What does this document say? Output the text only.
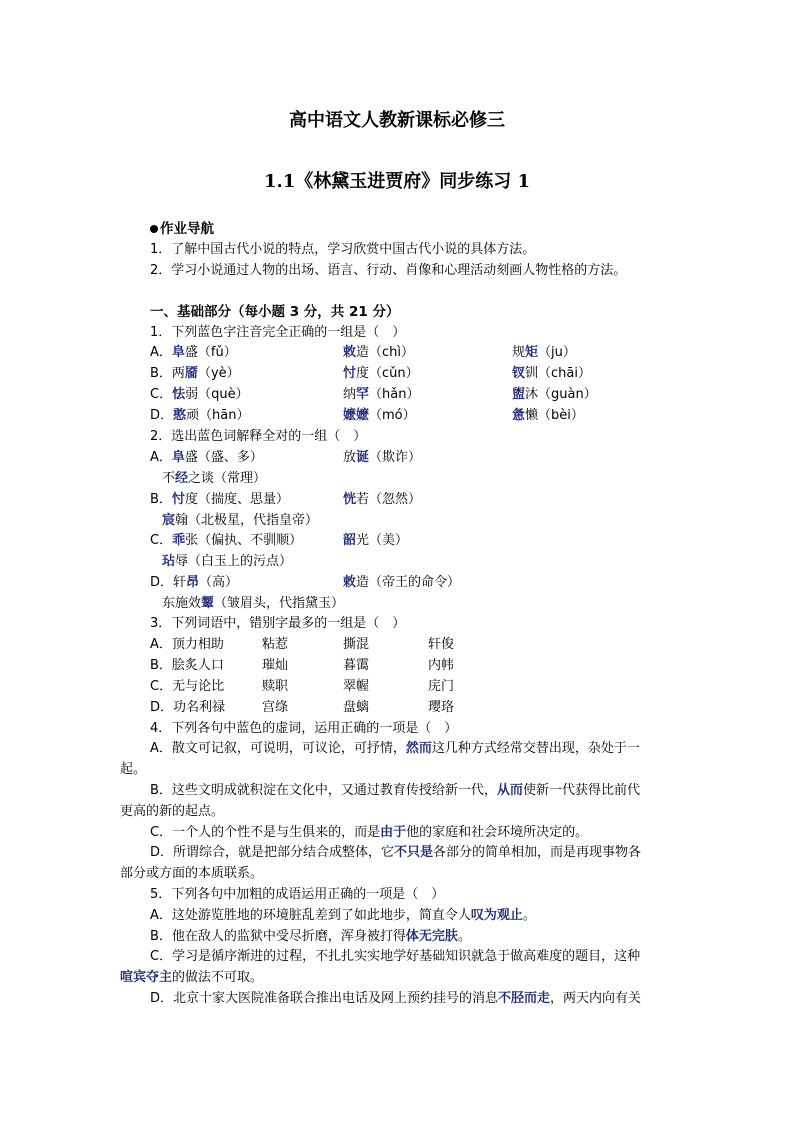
高中语文人教新课标必修三
1.1《林黛玉进贾府》同步练习 1
作业导航
1．了解中国古代小说的特点，学习欣赏中国古代小说的具体方法。
2．学习小说通过人物的出场、语言、行动、肖像和心理活动刻画人物性格的方法。
一、基础部分（每小题 3 分，共 21 分）
1．下列蓝色字注音完全正确的一组是（　）
A．阜盛（fǔ）	敕造（chì）	规矩（ju）
B．两靥（yè）	忖度（cǔn）	钗钏（chāi）
C．怯弱（què）	纳罕（hǎn）	盥沐（guàn）
D．憨顽（hān）	嬷嬷（mó）	惫懒（bèi）
2．选出蓝色词解释全对的一组（　）
A．阜盛（盛、多）	放诞（欺诈）
不经之谈（常理）
B．忖度（揣度、思量）	恍若（忽然）
宸翰（北极星，代指皇帝）
C．乖张（偏执、不驯顺）	韶光（美）
玷辱（白玉上的污点）
D．轩昂（高）	敕造（帝王的命令）
东施效颦（皱眉头，代指黛玉）
3．下列词语中，错别字最多的一组是（　）
A．顶力相助	粘惹	撕混	轩俊
B．脍炙人口	璀灿	暮霭	内帏
C．无与论比	赎职	翠幄	庑门
D．功名利禄	宫绦	盘螭	璎珞
4．下列各句中蓝色的虚词，运用正确的一项是（　）
A．散文可记叙，可说明，可议论，可抒情，然而这几种方式经常交替出现，杂处于一
起。
B．这些文明成就积淀在文化中，又通过教育传授给新一代，从而使新一代获得比前代
更高的新的起点。
C．一个人的个性不是与生俱来的，而是由于他的家庭和社会环境所决定的。
D．所谓综合，就是把部分结合成整体，它不只是各部分的简单相加，而是再现事物各
部分或方面的本质联系。
5．下列各句中加粗的成语运用正确的一项是（　）
A．这处游览胜地的环境脏乱差到了如此地步，简直令人叹为观止。
B．他在敌人的监狱中受尽折磨，浑身被打得体无完肤。
C．学习是循序渐进的过程，不扎扎实实地学好基础知识就急于做高难度的题目，这种
喧宾夺主的做法不可取。
D．北京十家大医院准备联合推出电话及网上预约挂号的消息不胫而走，两天内向有关
